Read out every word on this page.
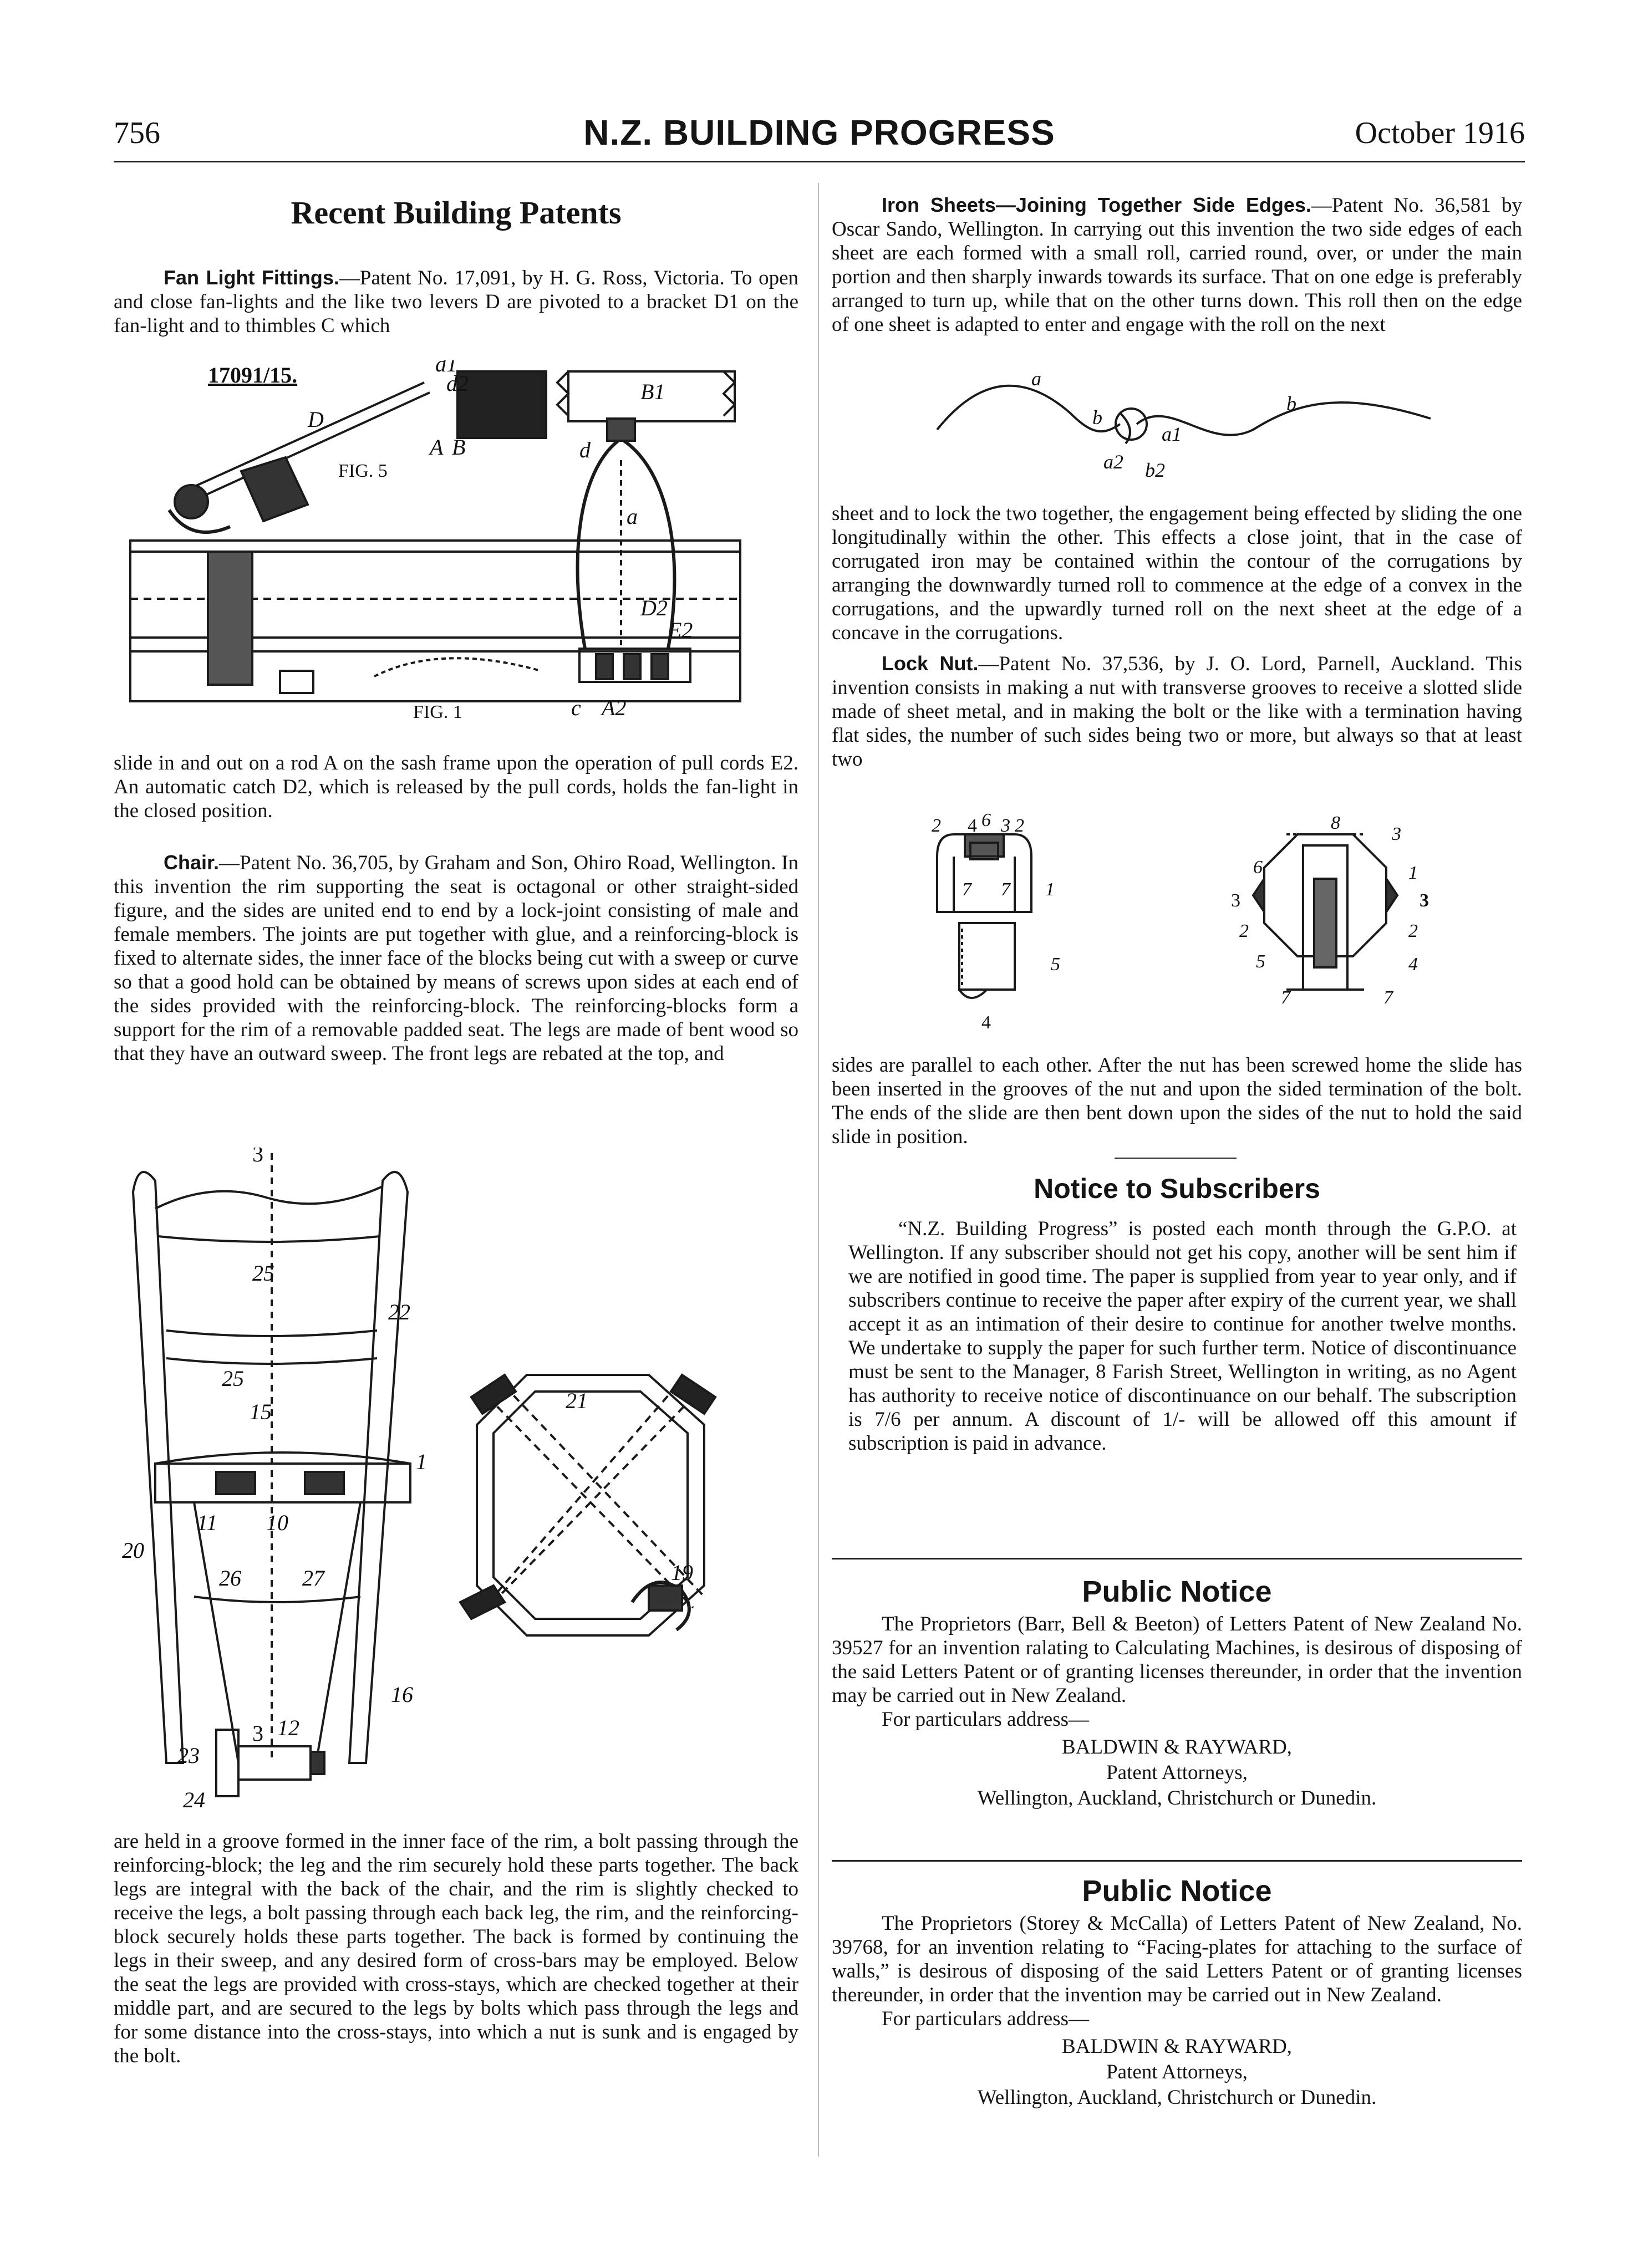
756	N.Z. BUILDING PROGRESS	October 1916

Recent Building Patents

Fan Light Fittings.—Patent No. 17,091, by H. G. Ross, Victoria. To open and close fan-lights and the like two levers D are pivoted to a bracket D1 on the fan-light and to thimbles C which

17091/15.
FIG. 5
FIG. 1
d1
d2
D
A B
B1
a
d
D2
c A2
E2

slide in and out on a rod A on the sash frame upon the operation of pull cords E2. An automatic catch D2, which is released by the pull cords, holds the fan-light in the closed position.

Chair.—Patent No. 36,705, by Graham and Son, Ohiro Road, Wellington. In this invention the rim supporting the seat is octagonal or other straight-sided figure, and the sides are united end to end by a lock-joint consisting of male and female members. The joints are put together with glue, and a reinforcing-block is fixed to alternate sides, the inner face of the blocks being cut with a sweep or curve so that a good hold can be obtained by means of screws upon sides at each end of the sides provided with the reinforcing-block. The reinforcing-blocks form a support for the rim of a removable padded seat. The legs are made of bent wood so that they have an outward sweep. The front legs are rebated at the top, and

3
25
22
25
15
1
11 10
20
26	27
16
3 12
24
23
19
21

are held in a groove formed in the inner face of the rim, a bolt passing through the reinforcing-block; the leg and the rim securely hold these parts together. The back legs are integral with the back of the chair, and the rim is slightly checked to receive the legs, a bolt passing through each back leg, the rim, and the reinforcing-block securely holds these parts together. The back is formed by continuing the legs in their sweep, and any desired form of cross-bars may be employed. Below the seat the legs are provided with cross-stays, which are checked together at their middle part, and are secured to the legs by bolts which pass through the legs and for some distance into the cross-stays, into which a nut is sunk and is engaged by the bolt.

Iron Sheets—Joining Together Side Edges.—Patent No. 36,581 by Oscar Sando, Wellington. In carrying out this invention the two side edges of each sheet are each formed with a small roll, carried round, over, or under the main portion and then sharply inwards towards its surface. That on one edge is preferably arranged to turn up, while that on the other turns down. This roll then on the edge of one sheet is adapted to enter and engage with the roll on the next

a
b
b
a1
a2 b2

sheet and to lock the two together, the engagement being effected by sliding the one longitudinally within the other. This effects a close joint, that in the case of corrugated iron may be contained within the contour of the corrugations by arranging the downwardly turned roll to commence at the edge of a convex in the corrugations, and the upwardly turned roll on the next sheet at the edge of a concave in the corrugations.

Lock Nut.—Patent No. 37,536, by J. O. Lord, Parnell, Auckland. This invention consists in making a nut with transverse grooves to receive a slotted slide made of sheet metal, and in making the bolt or the like with a termination having flat sides, the number of such sides being two or more, but always so that at least two

2 4 6 3 2
1
7 7
5
4
8
3
6	1
3	3
2
5	4
7	7
2

sides are parallel to each other. After the nut has been screwed home the slide has been inserted in the grooves of the nut and upon the sided termination of the bolt. The ends of the slide are then bent down upon the sides of the nut to hold the said slide in position.

Notice to Subscribers

“N.Z. Building Progress” is posted each month through the G.P.O. at Wellington. If any subscriber should not get his copy, another will be sent him if we are notified in good time. The paper is supplied from year to year only, and if subscribers continue to receive the paper after expiry of the current year, we shall accept it as an intimation of their desire to continue for another twelve months. We undertake to supply the paper for such further term. Notice of discontinuance must be sent to the Manager, 8 Farish Street, Wellington in writing, as no Agent has authority to receive notice of discontinuance on our behalf. The subscription is 7/6 per annum. A discount of 1/- will be allowed off this amount if subscription is paid in advance.

Public Notice

The Proprietors (Barr, Bell & Beeton) of Letters Patent of New Zealand No. 39527 for an invention ralating to Calculating Machines, is desirous of disposing of the said Letters Patent or of granting licenses thereunder, in order that the invention may be carried out in New Zealand.

For particulars address—

BALDWIN & RAYWARD,

Patent Attorneys,

Wellington, Auckland, Christchurch or Dunedin.

Public Notice

The Proprietors (Storey & McCalla) of Letters Patent of New Zealand, No. 39768, for an invention relating to “Facing-plates for attaching to the surface of walls,” is desirous of disposing of the said Letters Patent or of granting licenses thereunder, in order that the invention may be carried out in New Zealand.

For particulars address—

BALDWIN & RAYWARD,

Patent Attorneys,

Wellington, Auckland, Christchurch or Dunedin.
